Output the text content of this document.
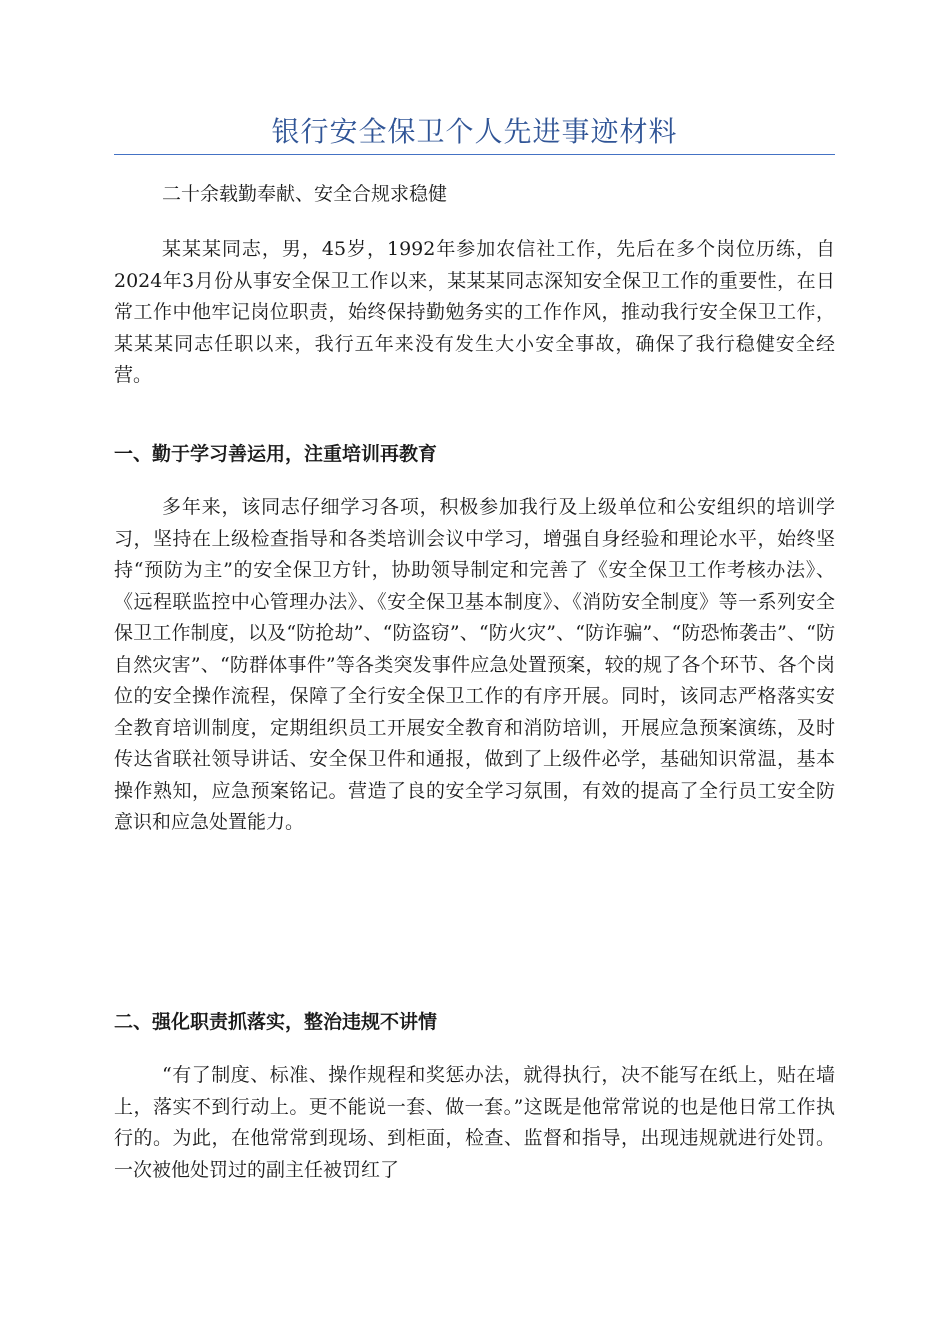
银行安全保卫个人先进事迹材料
二十余载勤奉献、安全合规求稳健

某某某同志，男，45岁，1992年参加农信社工作，先后在多个岗位历练，自2024年3月份从事安全保卫工作以来，某某某同志深知安全保卫工作的重要性，在日常工作中他牢记岗位职责，始终保持勤勉务实的工作作风，推动我行安全保卫工作，某某某同志任职以来，我行五年来没有发生大小安全事故，确保了我行稳健安全经营。

一、勤于学习善运用，注重培训再教育

多年来，该同志仔细学习各项，积极参加我行及上级单位和公安组织的培训学习，坚持在上级检查指导和各类培训会议中学习，增强自身经验和理论水平，始终坚持“预防为主”的安全保卫方针，协助领导制定和完善了《安全保卫工作考核办法》、《远程联监控中心管理办法》、《安全保卫基本制度》、《消防安全制度》等一系列安全保卫工作制度，以及“防抢劫”、“防盗窃”、“防火灾”、“防诈骗”、“防恐怖袭击”、“防自然灾害”、“防群体事件”等各类突发事件应急处置预案，较的规了各个环节、各个岗位的安全操作流程，保障了全行安全保卫工作的有序开展。同时，该同志严格落实安全教育培训制度，定期组织员工开展安全教育和消防培训，开展应急预案演练，及时传达省联社领导讲话、安全保卫件和通报，做到了上级件必学，基础知识常温，基本操作熟知，应急预案铭记。营造了良的安全学习氛围，有效的提高了全行员工安全防意识和应急处置能力。

二、强化职责抓落实，整治违规不讲情

“有了制度、标准、操作规程和奖惩办法，就得执行，决不能写在纸上，贴在墙上，落实不到行动上。更不能说一套、做一套。”这既是他常常说的也是他日常工作执行的。为此，在他常常到现场、到柜面，检查、监督和指导，出现违规就进行处罚。一次被他处罚过的副主任被罚红了
